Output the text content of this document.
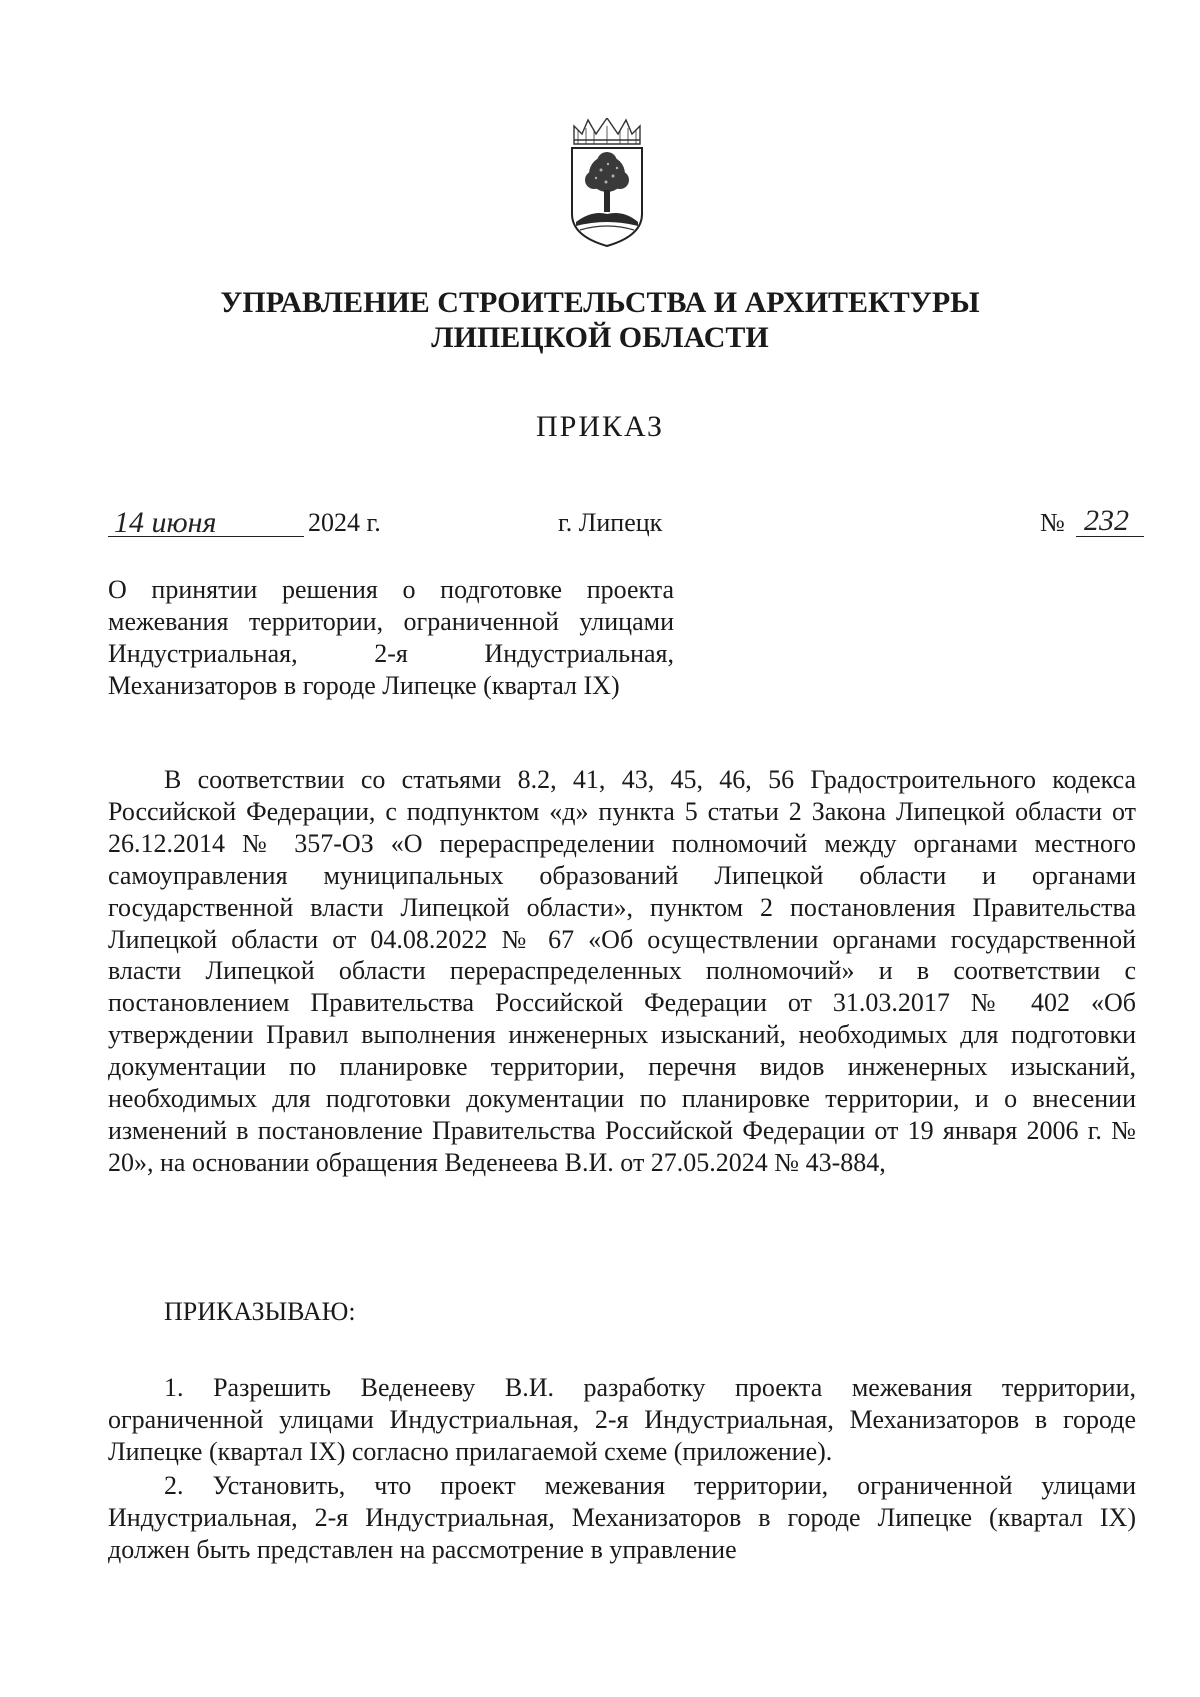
УПРАВЛЕНИЕ СТРОИТЕЛЬСТВА И АРХИТЕКТУРЫ
ЛИПЕЦКОЙ ОБЛАСТИ
ПРИКАЗ
14 июня	2024 г.	г. Липецк	№ 232

О принятии решения о подготовке проекта межевания территории, ограниченной улицами Индустриальная, 2-я Индустриальная, Механизаторов в городе Липецке (квартал IX)

В соответствии со статьями 8.2, 41, 43, 45, 46, 56 Градостроительного кодекса Российской Федерации, с подпунктом «д» пункта 5 статьи 2 Закона Липецкой области от 26.12.2014 № 357-ОЗ «О перераспределении полномочий между органами местного самоуправления муниципальных образований Липецкой области и органами государственной власти Липецкой области», пунктом 2 постановления Правительства Липецкой области от 04.08.2022 № 67 «Об осуществлении органами государственной власти Липецкой области перераспределенных полномочий» и в соответствии с постановлением Правительства Российской Федерации от 31.03.2017 № 402 «Об утверждении Правил выполнения инженерных изысканий, необходимых для подготовки документации по планировке территории, перечня видов инженерных изысканий, необходимых для подготовки документации по планировке территории, и о внесении изменений в постановление Правительства Российской Федерации от 19 января 2006 г. № 20», на основании обращения Веденеева В.И. от 27.05.2024 № 43-884,

ПРИКАЗЫВАЮ:

1. Разрешить Веденееву В.И. разработку проекта межевания территории, ограниченной улицами Индустриальная, 2-я Индустриальная, Механизаторов в городе Липецке (квартал IX) согласно прилагаемой схеме (приложение).

2. Установить, что проект межевания территории, ограниченной улицами Индустриальная, 2-я Индустриальная, Механизаторов в городе Липецке (квартал IX) должен быть представлен на рассмотрение в управление
